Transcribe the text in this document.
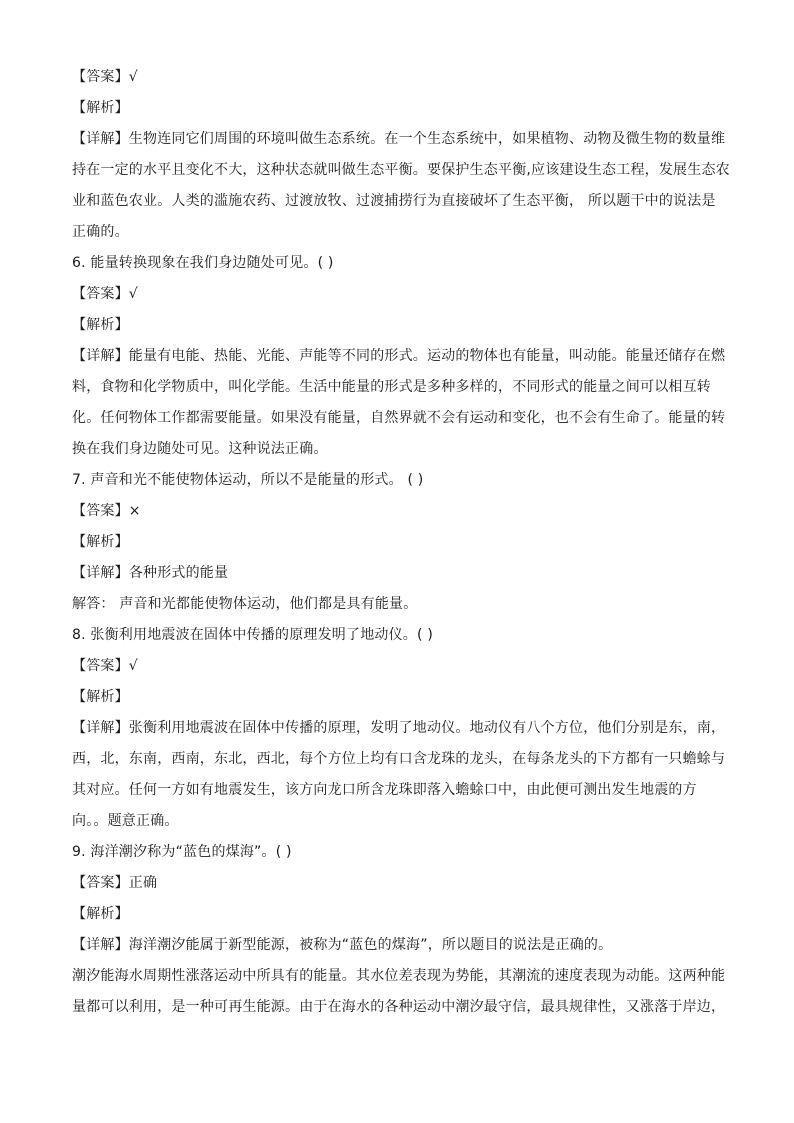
【答案】√
【解析】
【详解】生物连同它们周围的环境叫做生态系统。在一个生态系统中，如果植物、动物及微生物的数量维
持在一定的水平且变化不大，这种状态就叫做生态平衡。要保护生态平衡,应该建设生态工程，发展生态农
业和蓝色农业。人类的滥施农药、过渡放牧、过渡捕捞行为直接破坏了生态平衡， 所以题干中的说法是
正确的。
6. 能量转换现象在我们身边随处可见。( )
【答案】√
【解析】
【详解】能量有电能、热能、光能、声能等不同的形式。运动的物体也有能量，叫动能。能量还储存在燃
料，食物和化学物质中，叫化学能。生活中能量的形式是多种多样的，不同形式的能量之间可以相互转
化。任何物体工作都需要能量。如果没有能量，自然界就不会有运动和变化，也不会有生命了。能量的转
换在我们身边随处可见。这种说法正确。
7. 声音和光不能使物体运动，所以不是能量的形式。 ( )
【答案】×
【解析】
【详解】各种形式的能量
解答： 声音和光都能使物体运动，他们都是具有能量。
8. 张衡利用地震波在固体中传播的原理发明了地动仪。( )
【答案】√
【解析】
【详解】张衡利用地震波在固体中传播的原理，发明了地动仪。地动仪有八个方位，他们分别是东，南，
西，北，东南，西南，东北，西北，每个方位上均有口含龙珠的龙头，在每条龙头的下方都有一只蟾蜍与
其对应。任何一方如有地震发生，该方向龙口所含龙珠即落入蟾蜍口中，由此便可测出发生地震的方
向。。题意正确。
9. 海洋潮汐称为“蓝色的煤海”。( )
【答案】正确
【解析】
【详解】海洋潮汐能属于新型能源，被称为“蓝色的煤海”，所以题目的说法是正确的。
潮汐能海水周期性涨落运动中所具有的能量。其水位差表现为势能，其潮流的速度表现为动能。这两种能
量都可以利用，是一种可再生能源。由于在海水的各种运动中潮汐最守信，最具规律性，又涨落于岸边，
